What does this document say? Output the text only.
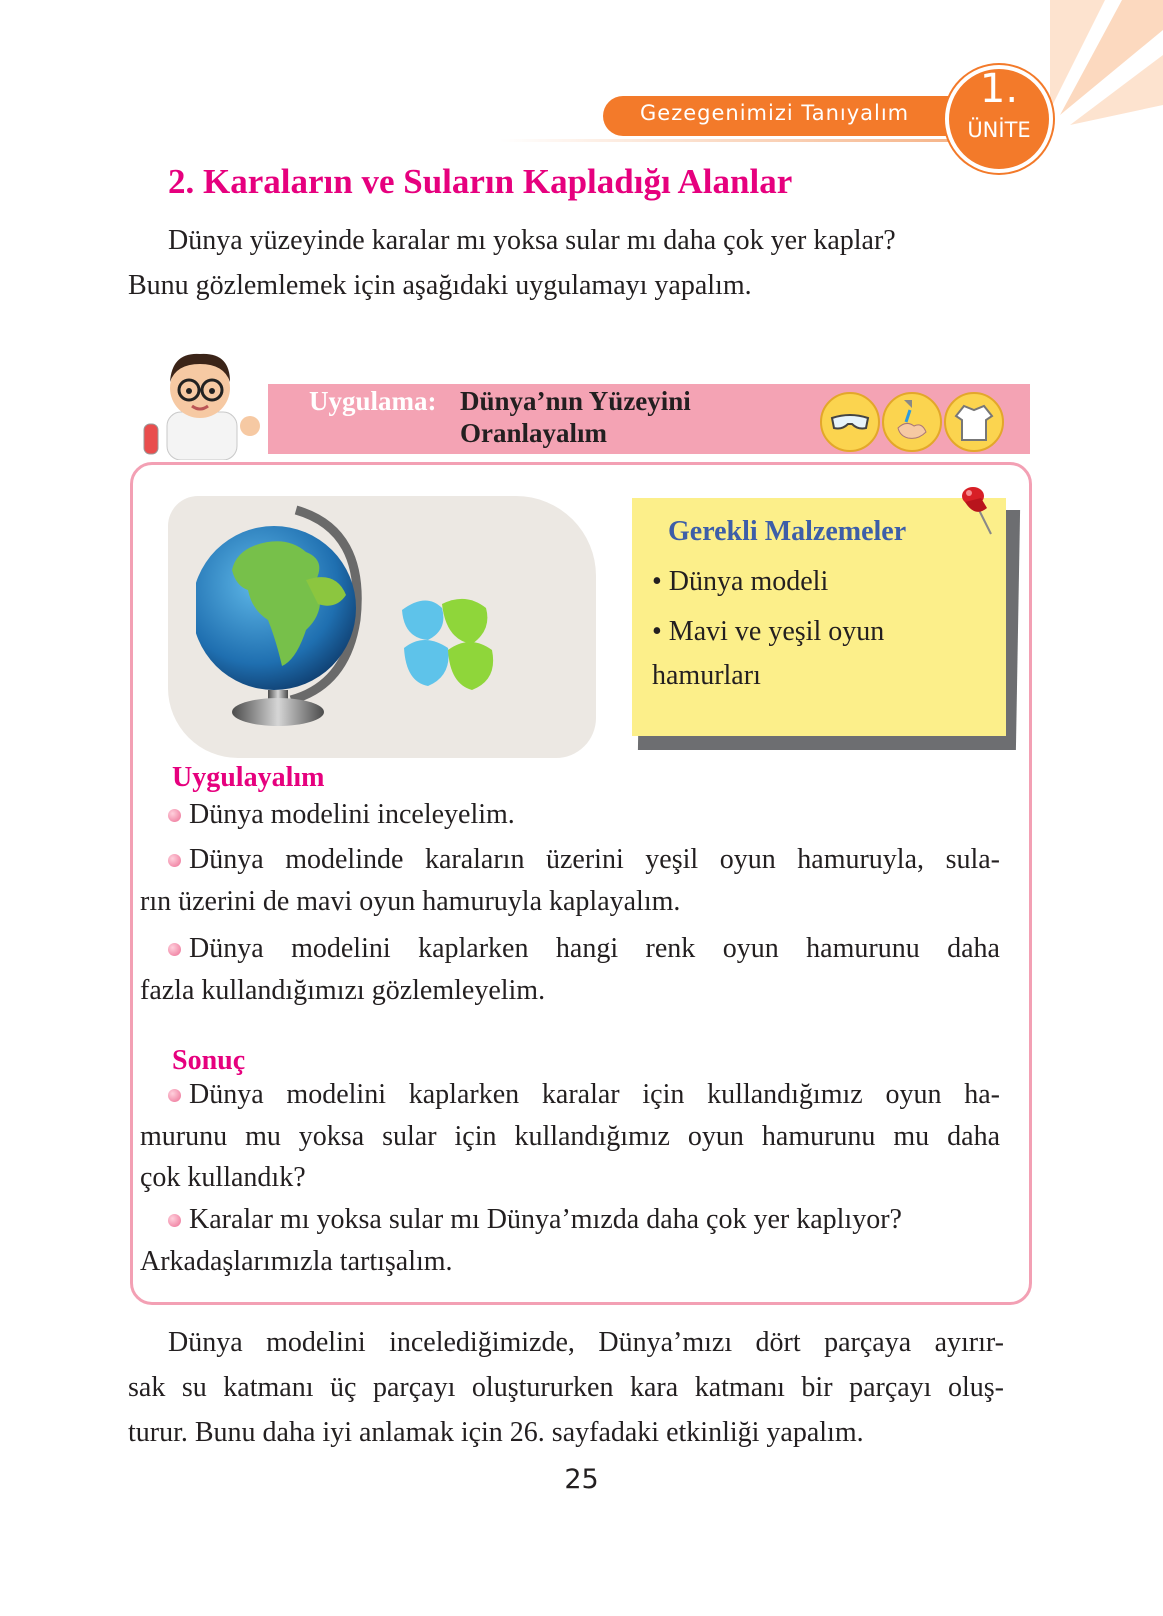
Gezegenimizi Tanıyalım
1.
ÜNİTE
2. Karaların ve Suların Kapladığı Alanlar
Dünya yüzeyinde karalar mı yoksa sular mı daha çok yer kaplar?
Bunu gözlemlemek için aşağıdaki uygulamayı yapalım.
Uygulama: Dünya’nın Yüzeyini
Oranlayalım
Gerekli Malzemeler
• Dünya modeli
• Mavi ve yeşil oyun
hamurları
Uygulayalım
Dünya modelini inceleyelim.
Dünya modelinde karaların üzerini yeşil oyun hamuruyla, sula-
rın üzerini de mavi oyun hamuruyla kaplayalım.
Dünya modelini kaplarken hangi renk oyun hamurunu daha
fazla kullandığımızı gözlemleyelim.
Sonuç
Dünya modelini kaplarken karalar için kullandığımız oyun ha-
murunu mu yoksa sular için kullandığımız oyun hamurunu mu daha
çok kullandık?
Karalar mı yoksa sular mı Dünya’mızda daha çok yer kaplıyor?
Arkadaşlarımızla tartışalım.
Dünya modelini incelediğimizde, Dünya’mızı dört parçaya ayırır-
sak su katmanı üç parçayı oluştururken kara katmanı bir parçayı oluş-
turur. Bunu daha iyi anlamak için 26. sayfadaki etkinliği yapalım.
25
